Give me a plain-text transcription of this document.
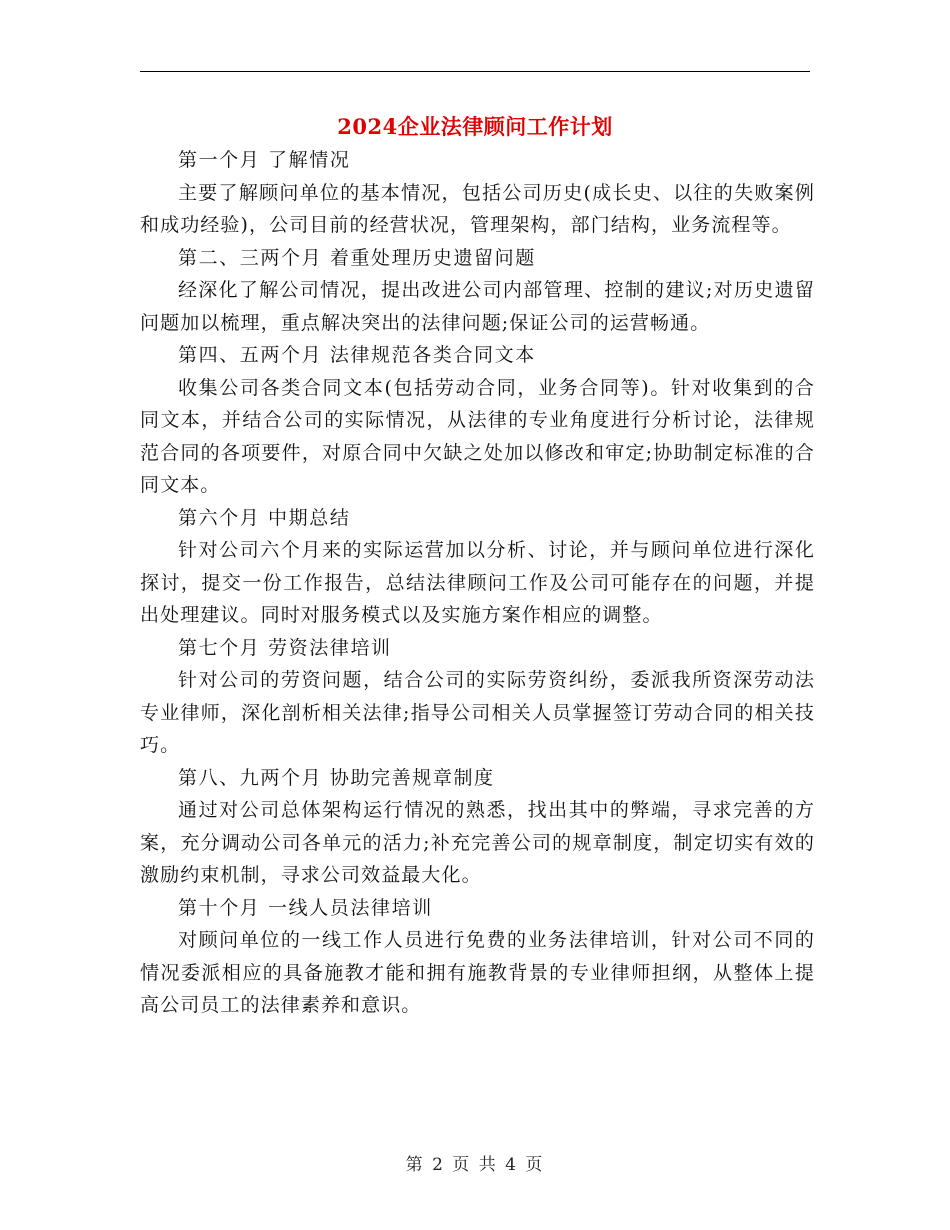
2024企业法律顾问工作计划

第一个月 了解情况

主要了解顾问单位的基本情况，包括公司历史(成长史、以往的失败案例和成功经验)，公司目前的经营状况，管理架构，部门结构，业务流程等。

第二、三两个月 着重处理历史遗留问题

经深化了解公司情况，提出改进公司内部管理、控制的建议;对历史遗留问题加以梳理，重点解决突出的法律问题;保证公司的运营畅通。

第四、五两个月 法律规范各类合同文本

收集公司各类合同文本(包括劳动合同，业务合同等)。针对收集到的合同文本，并结合公司的实际情况，从法律的专业角度进行分析讨论，法律规范合同的各项要件，对原合同中欠缺之处加以修改和审定;协助制定标准的合同文本。

第六个月 中期总结

针对公司六个月来的实际运营加以分析、讨论，并与顾问单位进行深化探讨，提交一份工作报告，总结法律顾问工作及公司可能存在的问题，并提出处理建议。同时对服务模式以及实施方案作相应的调整。

第七个月 劳资法律培训

针对公司的劳资问题，结合公司的实际劳资纠纷，委派我所资深劳动法专业律师，深化剖析相关法律;指导公司相关人员掌握签订劳动合同的相关技巧。

第八、九两个月 协助完善规章制度

通过对公司总体架构运行情况的熟悉，找出其中的弊端，寻求完善的方案，充分调动公司各单元的活力;补充完善公司的规章制度，制定切实有效的激励约束机制，寻求公司效益最大化。

第十个月 一线人员法律培训

对顾问单位的一线工作人员进行免费的业务法律培训，针对公司不同的情况委派相应的具备施教才能和拥有施教背景的专业律师担纲，从整体上提高公司员工的法律素养和意识。

第 2 页 共 4 页
